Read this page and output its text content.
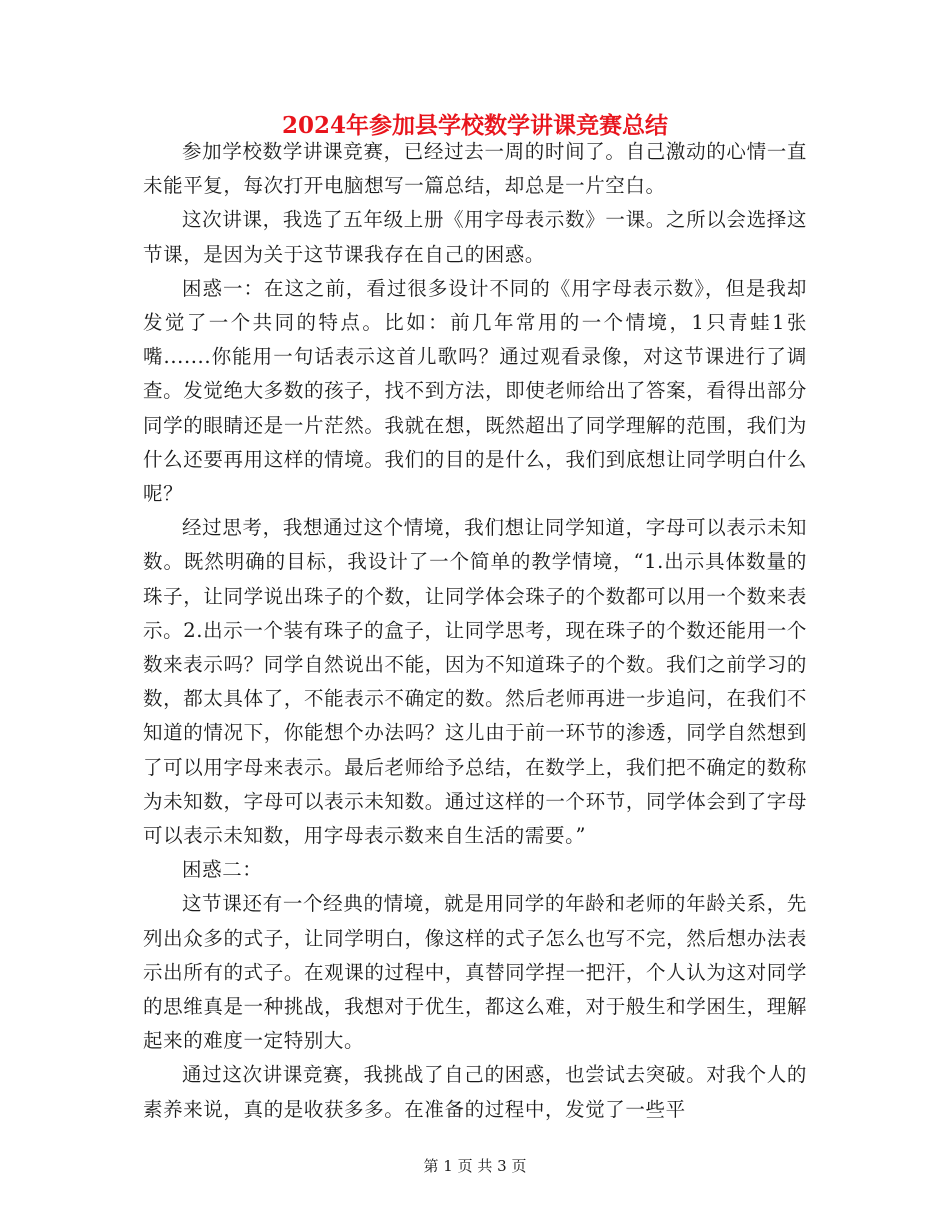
2024年参加县学校数学讲课竞赛总结

参加学校数学讲课竞赛，已经过去一周的时间了。自己激动的心情一直未能平复，每次打开电脑想写一篇总结，却总是一片空白。

这次讲课，我选了五年级上册《用字母表示数》一课。之所以会选择这节课，是因为关于这节课我存在自己的困惑。

困惑一：在这之前，看过很多设计不同的《用字母表示数》，但是我却发觉了一个共同的特点。比如：前几年常用的一个情境，1只青蛙1张嘴.......你能用一句话表示这首儿歌吗？通过观看录像，对这节课进行了调查。发觉绝大多数的孩子，找不到方法，即使老师给出了答案，看得出部分同学的眼睛还是一片茫然。我就在想，既然超出了同学理解的范围，我们为什么还要再用这样的情境。我们的目的是什么，我们到底想让同学明白什么呢？

经过思考，我想通过这个情境，我们想让同学知道，字母可以表示未知数。既然明确的目标，我设计了一个简单的教学情境，“1.出示具体数量的珠子，让同学说出珠子的个数，让同学体会珠子的个数都可以用一个数来表示。2.出示一个装有珠子的盒子，让同学思考，现在珠子的个数还能用一个数来表示吗？同学自然说出不能，因为不知道珠子的个数。我们之前学习的数，都太具体了，不能表示不确定的数。然后老师再进一步追问，在我们不知道的情况下，你能想个办法吗？这儿由于前一环节的渗透，同学自然想到了可以用字母来表示。最后老师给予总结，在数学上，我们把不确定的数称为未知数，字母可以表示未知数。通过这样的一个环节，同学体会到了字母可以表示未知数，用字母表示数来自生活的需要。”

困惑二：

这节课还有一个经典的情境，就是用同学的年龄和老师的年龄关系，先列出众多的式子，让同学明白，像这样的式子怎么也写不完，然后想办法表示出所有的式子。在观课的过程中，真替同学捏一把汗，个人认为这对同学的思维真是一种挑战，我想对于优生，都这么难，对于般生和学困生，理解起来的难度一定特别大。

通过这次讲课竞赛，我挑战了自己的困惑，也尝试去突破。对我个人的素养来说，真的是收获多多。在准备的过程中，发觉了一些平

第 1 页 共 3 页
